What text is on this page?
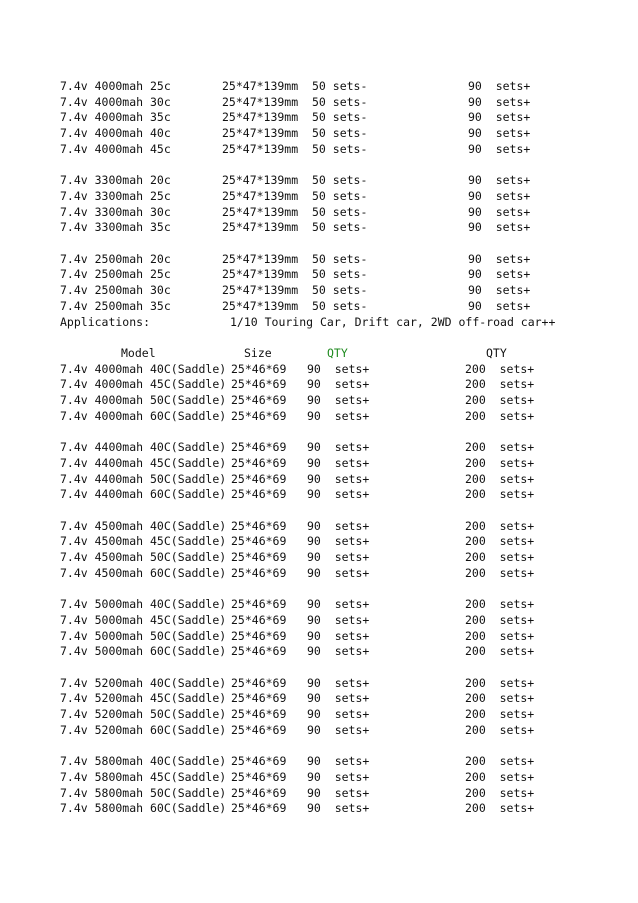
7.4v 4000mah 25c	25*47*139mm 50 sets-	90  sets+
7.4v 4000mah 30c	25*47*139mm 50 sets-	90  sets+
7.4v 4000mah 35c	25*47*139mm 50 sets-	90  sets+
7.4v 4000mah 40c	25*47*139mm 50 sets-	90  sets+
7.4v 4000mah 45c	25*47*139mm 50 sets-	90  sets+
7.4v 3300mah 20c	25*47*139mm 50 sets-	90  sets+
7.4v 3300mah 25c	25*47*139mm 50 sets-	90  sets+
7.4v 3300mah 30c	25*47*139mm 50 sets-	90  sets+
7.4v 3300mah 35c	25*47*139mm 50 sets-	90  sets+
7.4v 2500mah 20c	25*47*139mm 50 sets-	90  sets+
7.4v 2500mah 25c	25*47*139mm 50 sets-	90  sets+
7.4v 2500mah 30c	25*47*139mm 50 sets-	90  sets+
7.4v 2500mah 35c	25*47*139mm 50 sets-	90  sets+
Applications:	1/10 Touring Car, Drift car, 2WD off-road car++
Model	Size	QTY	QTY
7.4v 4000mah 40C(Saddle) 25*46*69 90  sets+	200  sets+
7.4v 4000mah 45C(Saddle) 25*46*69 90  sets+	200  sets+
7.4v 4000mah 50C(Saddle) 25*46*69 90  sets+	200  sets+
7.4v 4000mah 60C(Saddle) 25*46*69 90  sets+	200  sets+
7.4v 4400mah 40C(Saddle) 25*46*69 90  sets+	200  sets+
7.4v 4400mah 45C(Saddle) 25*46*69 90  sets+	200  sets+
7.4v 4400mah 50C(Saddle) 25*46*69 90  sets+	200  sets+
7.4v 4400mah 60C(Saddle) 25*46*69 90  sets+	200  sets+
7.4v 4500mah 40C(Saddle) 25*46*69 90  sets+	200  sets+
7.4v 4500mah 45C(Saddle) 25*46*69 90  sets+	200  sets+
7.4v 4500mah 50C(Saddle) 25*46*69 90  sets+	200  sets+
7.4v 4500mah 60C(Saddle) 25*46*69 90  sets+	200  sets+
7.4v 5000mah 40C(Saddle) 25*46*69 90  sets+	200  sets+
7.4v 5000mah 45C(Saddle) 25*46*69 90  sets+	200  sets+
7.4v 5000mah 50C(Saddle) 25*46*69 90  sets+	200  sets+
7.4v 5000mah 60C(Saddle) 25*46*69 90  sets+	200  sets+
7.4v 5200mah 40C(Saddle) 25*46*69 90  sets+	200  sets+
7.4v 5200mah 45C(Saddle) 25*46*69 90  sets+	200  sets+
7.4v 5200mah 50C(Saddle) 25*46*69 90  sets+	200  sets+
7.4v 5200mah 60C(Saddle) 25*46*69 90  sets+	200  sets+
7.4v 5800mah 40C(Saddle) 25*46*69 90  sets+	200  sets+
7.4v 5800mah 45C(Saddle) 25*46*69 90  sets+	200  sets+
7.4v 5800mah 50C(Saddle) 25*46*69 90  sets+	200  sets+
7.4v 5800mah 60C(Saddle) 25*46*69 90  sets+	200  sets+
